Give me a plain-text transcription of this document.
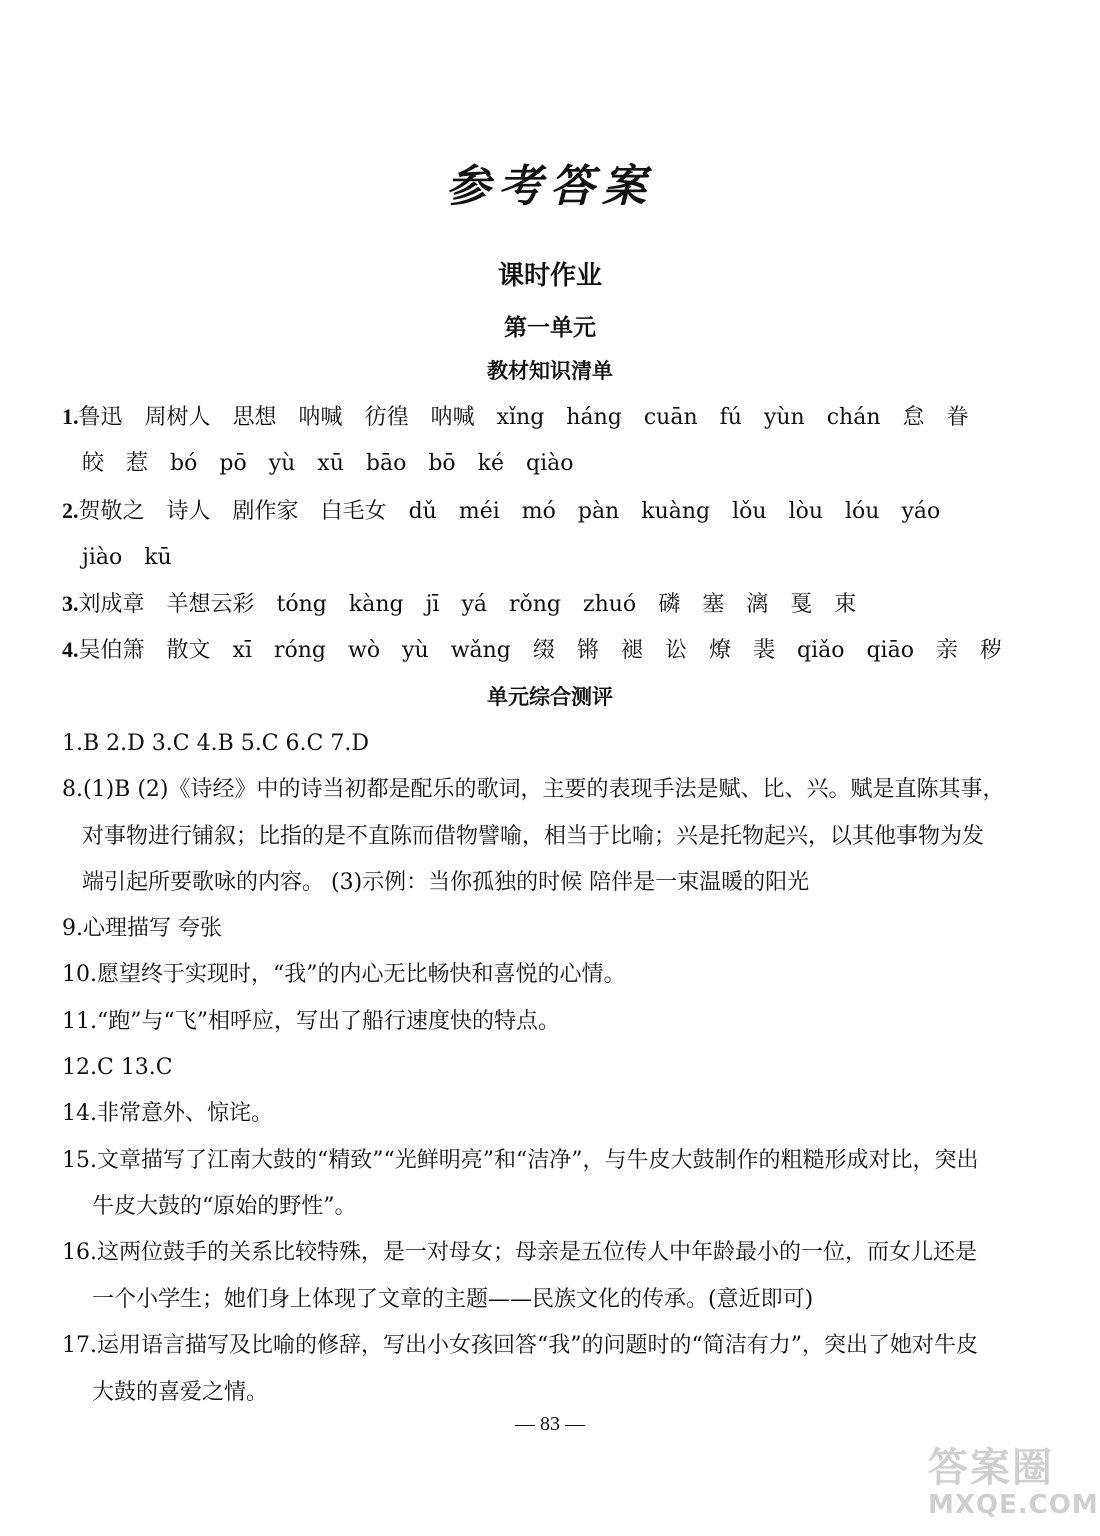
参考答案
课时作业
第一单元
教材知识清单
1.鲁迅 周树人 思想 呐喊 彷徨 呐喊 xǐng háng cuān fú yùn chán 怠 眷
皎 惹 bó pō yù xū bāo bō ké qiào
2.贺敬之 诗人 剧作家 白毛女 dǔ méi mó pàn kuàng lǒu lòu lóu yáo
jiào kū
3.刘成章 羊想云彩 tóng kàng jī yá rǒng zhuó 磷 塞 漓 戛 束
4.吴伯箫 散文 xī róng wò yù wǎng 缀 锵 褪 讼 燎 裴 qiǎo qiāo 亲 秽
单元综合测评
1.B 2.D 3.C 4.B 5.C 6.C 7.D
8.(1)B (2)《诗经》中的诗当初都是配乐的歌词，主要的表现手法是赋、比、兴。赋是直陈其事，
对事物进行铺叙；比指的是不直陈而借物譬喻，相当于比喻；兴是托物起兴，以其他事物为发
端引起所要歌咏的内容。 (3)示例：当你孤独的时候 陪伴是一束温暖的阳光
9.心理描写 夸张
10.愿望终于实现时，“我”的内心无比畅快和喜悦的心情。
11.“跑”与“飞”相呼应，写出了船行速度快的特点。
12.C 13.C
14.非常意外、惊诧。
15.文章描写了江南大鼓的“精致”“光鲜明亮”和“洁净”，与牛皮大鼓制作的粗糙形成对比，突出
牛皮大鼓的“原始的野性”。
16.这两位鼓手的关系比较特殊，是一对母女；母亲是五位传人中年龄最小的一位，而女儿还是
一个小学生；她们身上体现了文章的主题——民族文化的传承。(意近即可)
17.运用语言描写及比喻的修辞，写出小女孩回答“我”的问题时的“简洁有力”，突出了她对牛皮
大鼓的喜爱之情。
— 83 —
答案圈
MXQE.COM
